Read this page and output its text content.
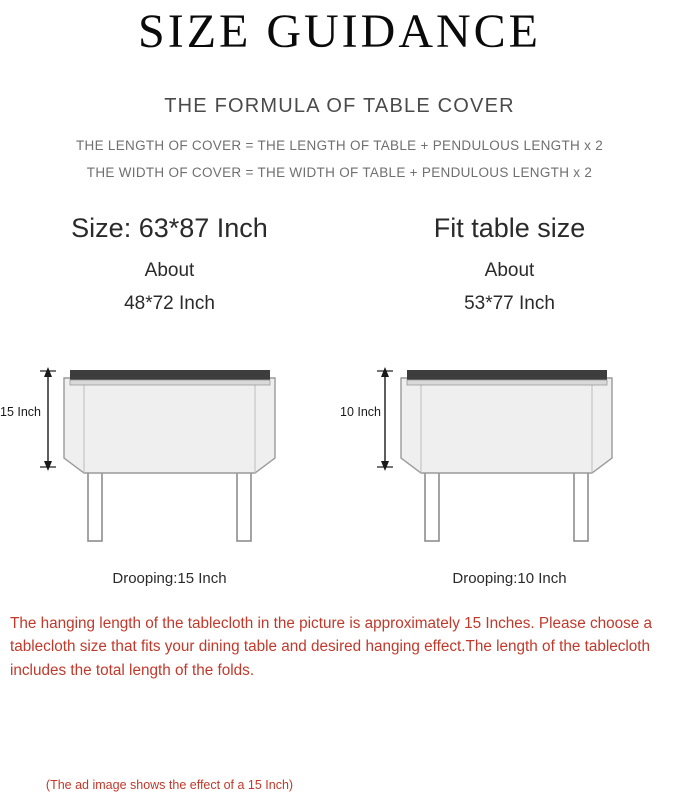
SIZE GUIDANCE
THE FORMULA OF TABLE COVER
THE LENGTH OF COVER = THE LENGTH OF TABLE + PENDULOUS LENGTH x 2
THE WIDTH OF COVER = THE WIDTH OF TABLE + PENDULOUS LENGTH x 2
Size: 63*87 Inch
About
48*72 Inch
15 Inch
Drooping:15 Inch
(The ad image shows the effect of a 15 Inch)
Fit table size
About
53*77 Inch
10 Inch
Drooping:10 Inch
The hanging length of the tablecloth in the picture is approximately 15 Inches. Please choose a tablecloth size that fits your dining table and desired hanging effect.The length of the tablecloth includes the total length of the folds.
